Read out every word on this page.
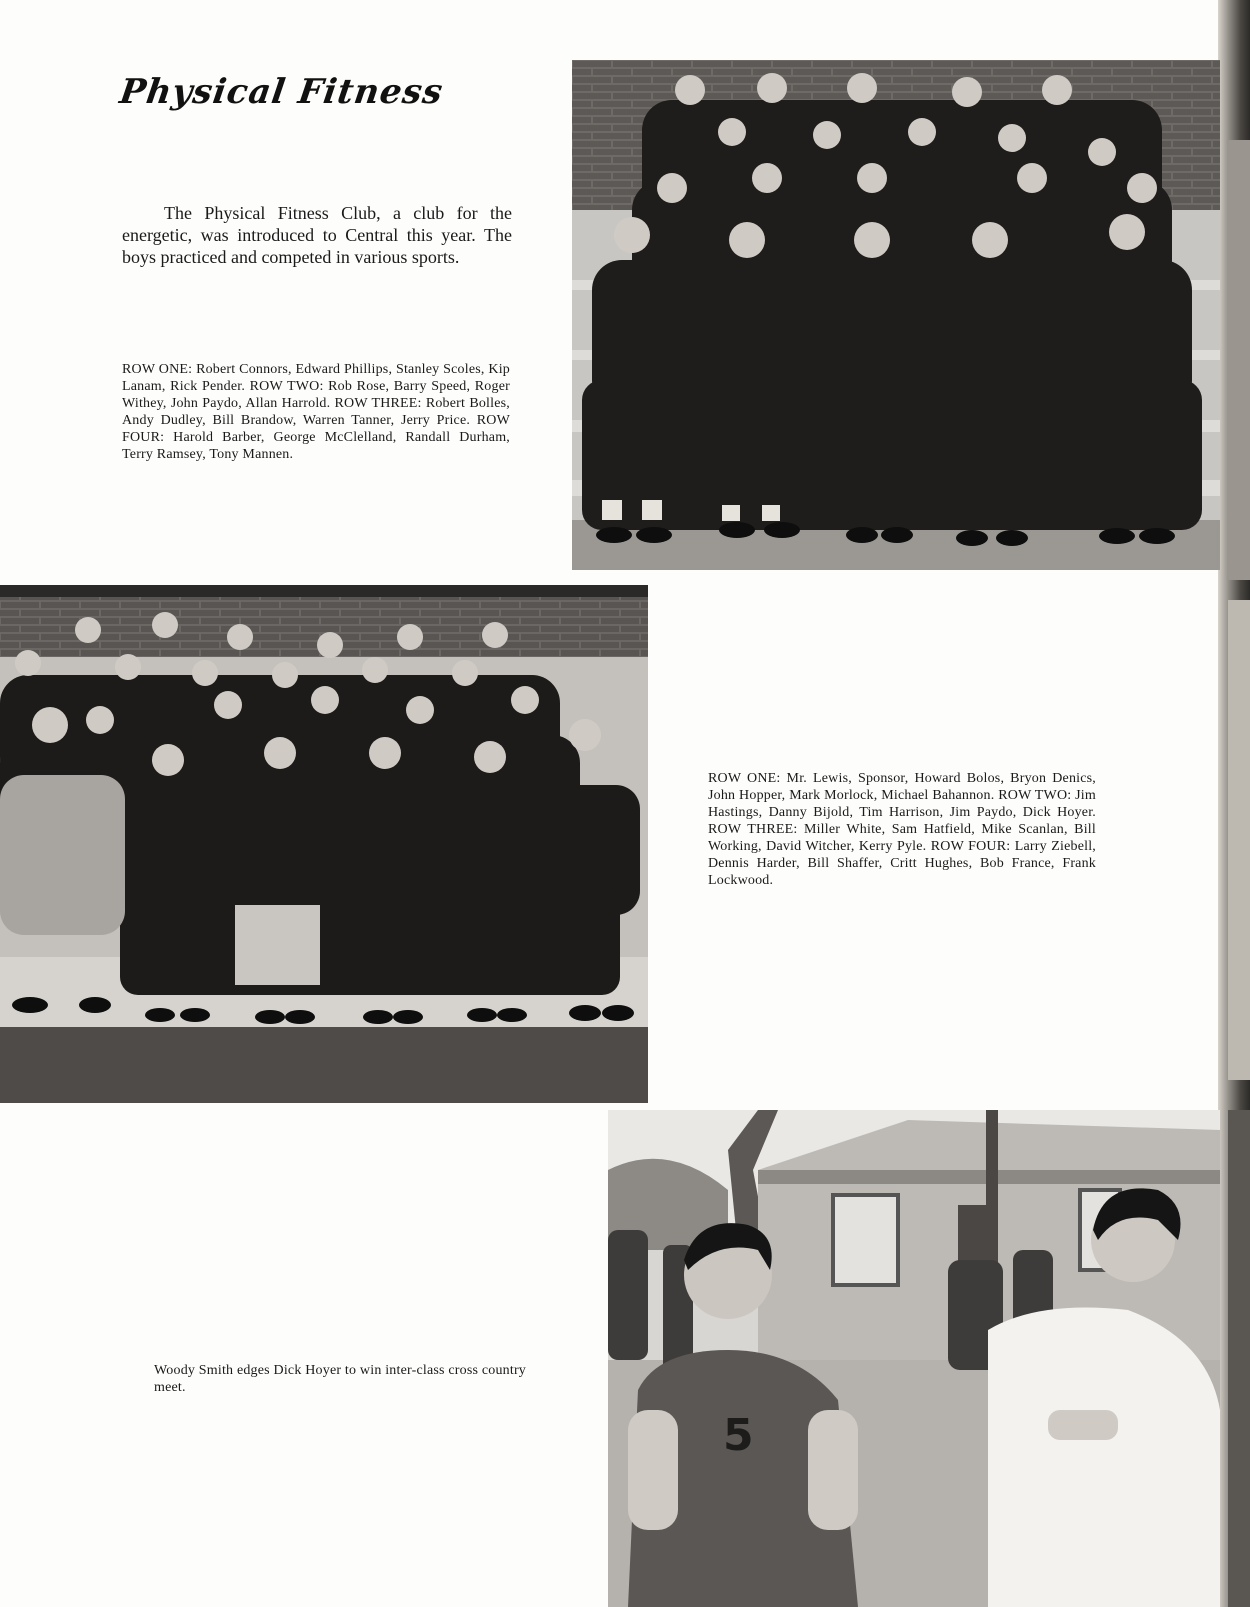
Physical Fitness

The Physical Fitness Club, a club for the energetic, was introduced to Central this year. The boys practiced and competed in various sports.

ROW ONE: Robert Connors, Edward Phillips, Stanley Scoles, Kip Lanam, Rick Pender. ROW TWO: Rob Rose, Barry Speed, Roger Withey, John Paydo, Allan Harrold. ROW THREE: Robert Bolles, Andy Dudley, Bill Brandow, Warren Tanner, Jerry Price. ROW FOUR: Harold Barber, George McClelland, Randall Durham, Terry Ramsey, Tony Mannen.

ROW ONE: Mr. Lewis, Sponsor, Howard Bolos, Bryon Denics, John Hopper, Mark Morlock, Michael Bahannon. ROW TWO: Jim Hastings, Danny Bijold, Tim Harrison, Jim Paydo, Dick Hoyer. ROW THREE: Miller White, Sam Hatfield, Mike Scanlan, Bill Working, David Witcher, Kerry Pyle. ROW FOUR: Larry Ziebell, Dennis Harder, Bill Shaffer, Critt Hughes, Bob France, Frank Lockwood.

Woody Smith edges Dick Hoyer to win inter-class cross country meet.

5
